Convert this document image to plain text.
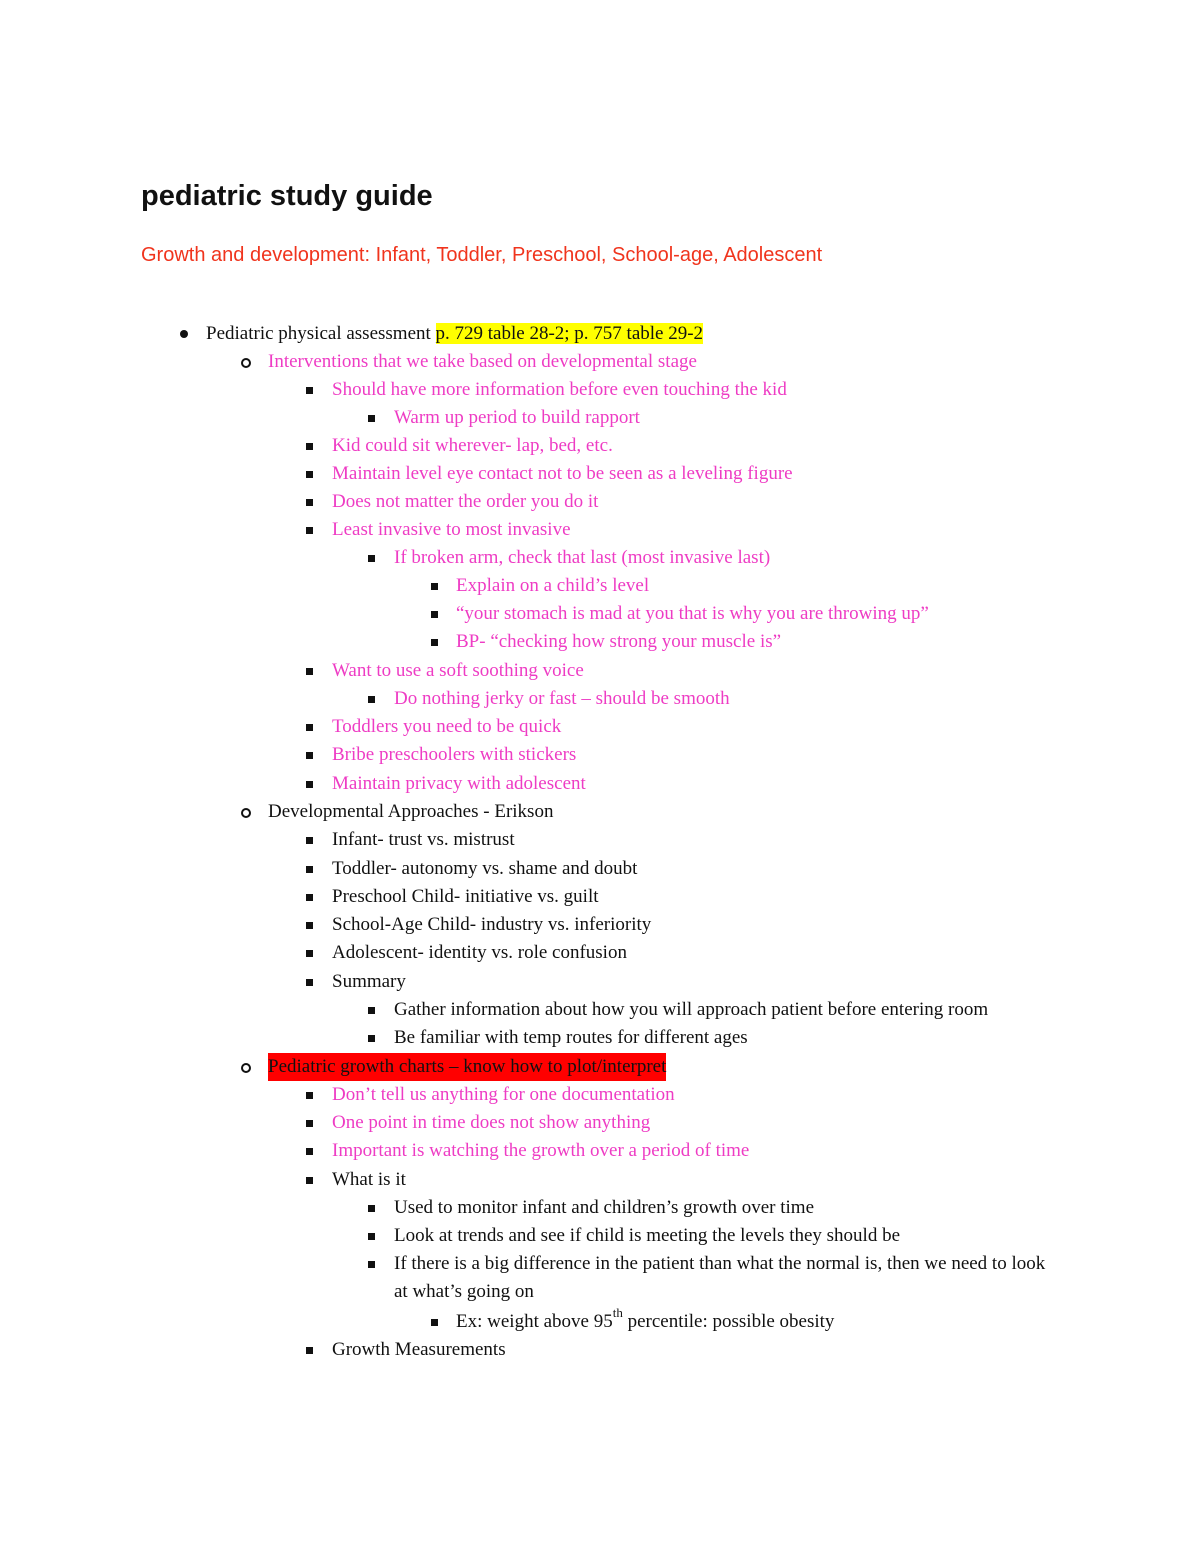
pediatric study guide
Growth and development: Infant, Toddler, Preschool, School-age, Adolescent
Pediatric physical assessment p. 729 table 28-2; p. 757 table 29-2
Interventions that we take based on developmental stage
Should have more information before even touching the kid
Warm up period to build rapport
Kid could sit wherever- lap, bed, etc.
Maintain level eye contact not to be seen as a leveling figure
Does not matter the order you do it
Least invasive to most invasive
If broken arm, check that last (most invasive last)
Explain on a child’s level
“your stomach is mad at you that is why you are throwing up”
BP- “checking how strong your muscle is”
Want to use a soft soothing voice
Do nothing jerky or fast – should be smooth
Toddlers you need to be quick
Bribe preschoolers with stickers
Maintain privacy with adolescent
Developmental Approaches - Erikson
Infant- trust vs. mistrust
Toddler- autonomy vs. shame and doubt
Preschool Child- initiative vs. guilt
School-Age Child- industry vs. inferiority
Adolescent- identity vs. role confusion
Summary
Gather information about how you will approach patient before entering room
Be familiar with temp routes for different ages
Pediatric growth charts – know how to plot/interpret
Don’t tell us anything for one documentation
One point in time does not show anything
Important is watching the growth over a period of time
What is it
Used to monitor infant and children’s growth over time
Look at trends and see if child is meeting the levels they should be
If there is a big difference in the patient than what the normal is, then we need to look at what’s going on
Ex: weight above 95th percentile: possible obesity
Growth Measurements
